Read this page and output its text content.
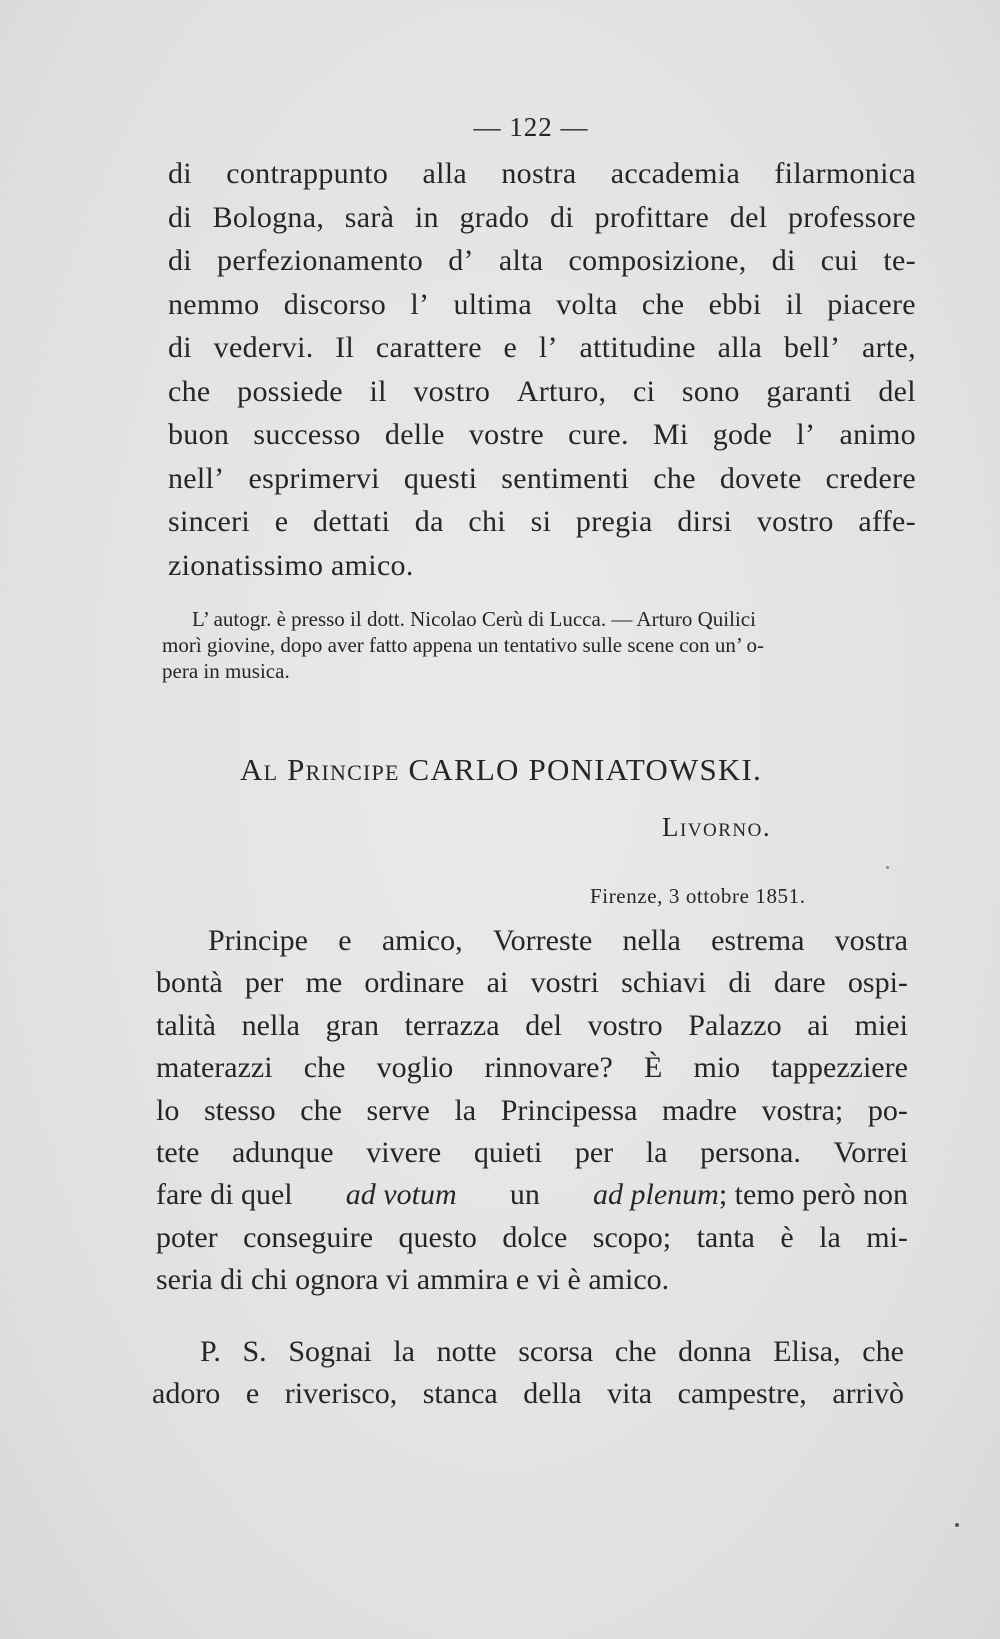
— 122 —
di contrappunto alla nostra accademia filarmonica
di Bologna, sarà in grado di profittare del professore
di perfezionamento d’ alta composizione, di cui te-
nemmo discorso l’ ultima volta che ebbi il piacere
di vedervi. Il carattere e l’ attitudine alla bell’ arte,
che possiede il vostro Arturo, ci sono garanti del
buon successo delle vostre cure. Mi gode l’ animo
nell’ esprimervi questi sentimenti che dovete credere
sinceri e dettati da chi si pregia dirsi vostro affe-
zionatissimo amico.
L’ autogr. è presso il dott. Nicolao Cerù di Lucca. — Arturo Quilici
morì giovine, dopo aver fatto appena un tentativo sulle scene con un’ o-
pera in musica.
Al Principe CARLO PONIATOWSKI.
Livorno.
Firenze, 3 ottobre 1851.
Principe e amico, Vorreste nella estrema vostra
bontà per me ordinare ai vostri schiavi di dare ospi-
talità nella gran terrazza del vostro Palazzo ai miei
materazzi che voglio rinnovare? È mio tappezziere
lo stesso che serve la Principessa madre vostra; po-
tete adunque vivere quieti per la persona. Vorrei
fare di quel ad votum un ad plenum; temo però non
poter conseguire questo dolce scopo; tanta è la mi-
seria di chi ognora vi ammira e vi è amico.
P. S. Sognai la notte scorsa che donna Elisa, che
adoro e riverisco, stanca della vita campestre, arrivò
